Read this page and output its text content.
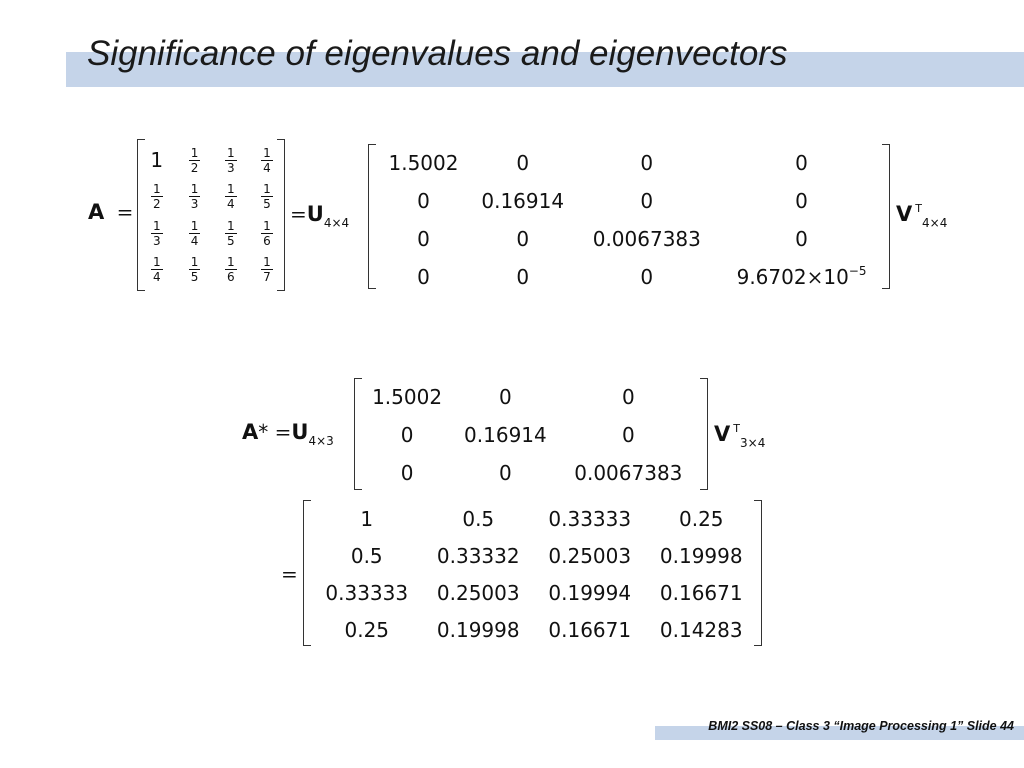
Significance of eigenvalues and eigenvectors
A =
1	$\frac{1}{2}$	$\frac{1}{3}$	$\frac{1}{4}$

$\frac{1}{2}$	$\frac{1}{3}$	$\frac{1}{4}$	$\frac{1}{5}$

$\frac{1}{3}$	$\frac{1}{4}$	$\frac{1}{5}$	$\frac{1}{6}$

$\frac{1}{4}$	$\frac{1}{5}$	$\frac{1}{6}$	$\frac{1}{7}$
$=U_{4\times 4}$
1.5002	0	0	0
0	0.16914	0	0
0	0	0.0067383	0
0	0	0	$9.6702\times 10^{-5}$
V $^T_{4\times 4}$
$A* =U_{4\times 3}$
1.5002	0	0
0	0.16914	0
0	0	0.0067383
V $^T_{3\times 4}$
=
1	0.5	0.33333	0.25
0.5	0.33332	0.25003	0.19998
0.33333	0.25003	0.19994	0.16671
0.25	0.19998	0.16671	0.14283
BMI2 SS08 – Class 3 “Image Processing 1” Slide 44
